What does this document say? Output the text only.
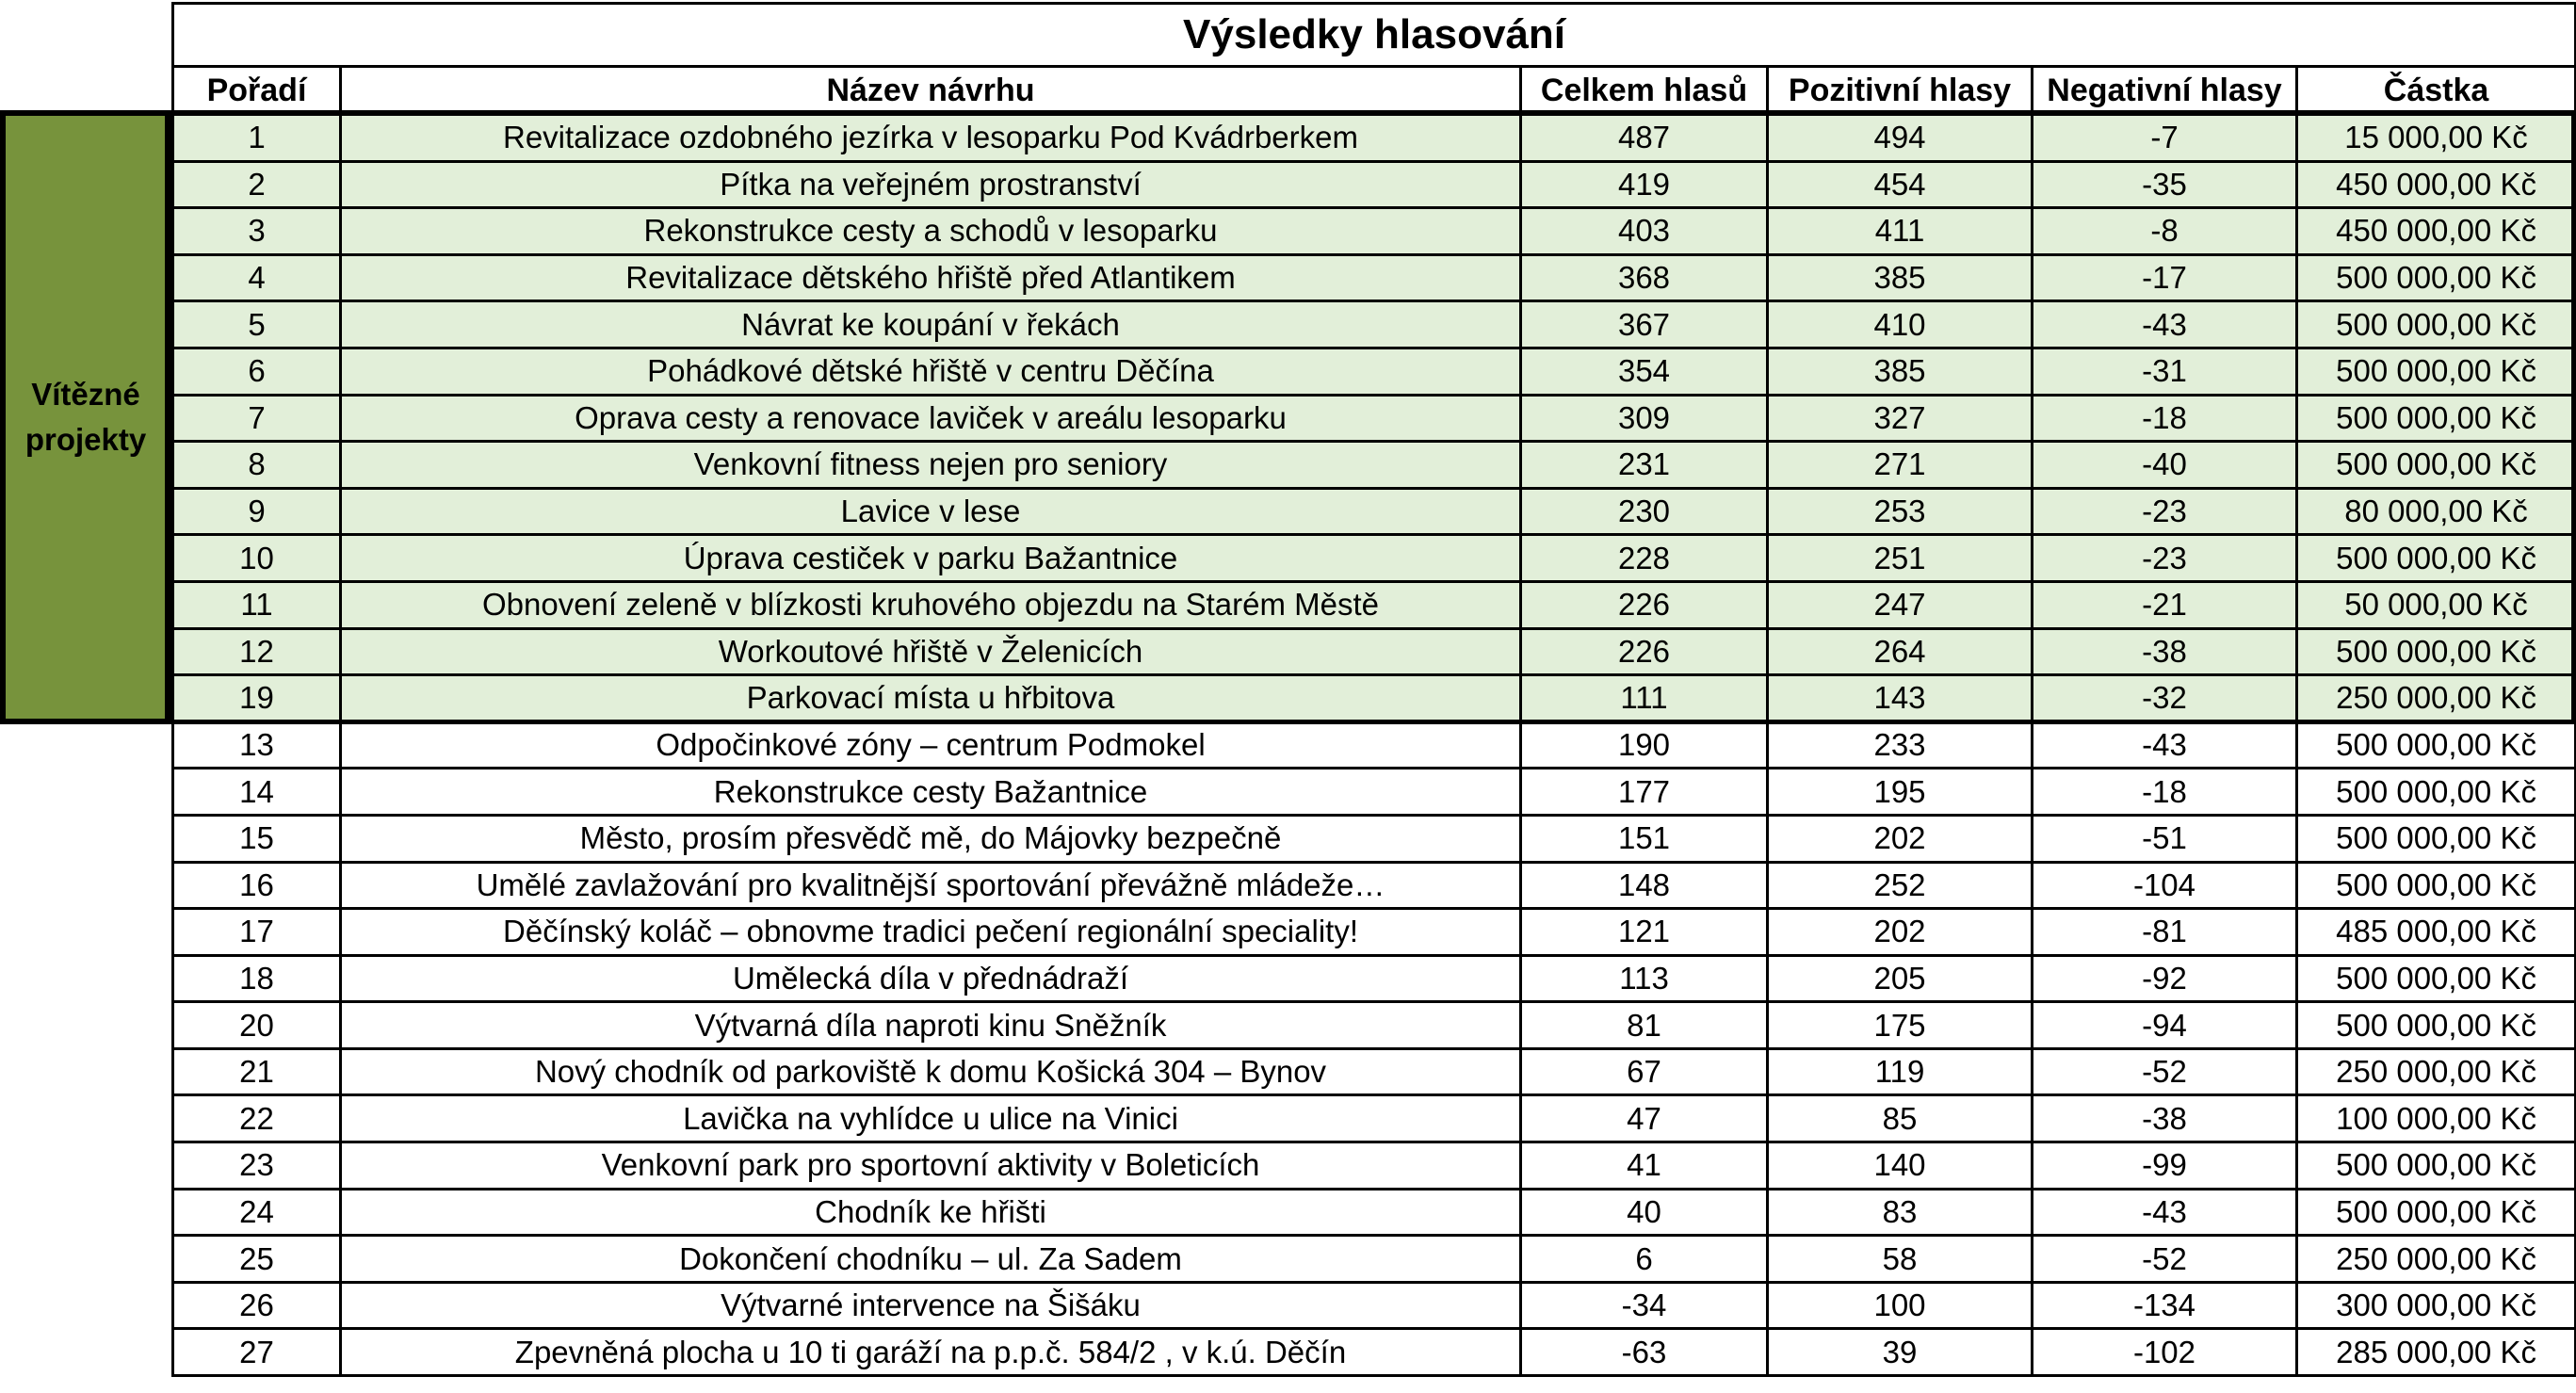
Vítězné
projekty
Výsledky hlasování					
Pořadí	Název návrhu	Celkem hlasů	Pozitivní hlasy	Negativní hlasy	Částka
1	Revitalizace ozdobného jezírka v lesoparku Pod Kvádrberkem	487	494	-7	15 000,00 Kč
2	Pítka na veřejném prostranství	419	454	-35	450 000,00 Kč
3	Rekonstrukce cesty a schodů v lesoparku	403	411	-8	450 000,00 Kč
4	Revitalizace dětského hřiště před Atlantikem	368	385	-17	500 000,00 Kč
5	Návrat ke koupání v řekách	367	410	-43	500 000,00 Kč
6	Pohádkové dětské hřiště v centru Děčína	354	385	-31	500 000,00 Kč
7	Oprava cesty a renovace laviček v areálu lesoparku	309	327	-18	500 000,00 Kč
8	Venkovní fitness nejen pro seniory	231	271	-40	500 000,00 Kč
9	Lavice v lese	230	253	-23	80 000,00 Kč
10	Úprava cestiček v parku Bažantnice	228	251	-23	500 000,00 Kč
11	Obnovení zeleně v blízkosti kruhového objezdu na Starém Městě	226	247	-21	50 000,00 Kč
12	Workoutové hřiště v Želenicích	226	264	-38	500 000,00 Kč
19	Parkovací místa u hřbitova	111	143	-32	250 000,00 Kč
13	Odpočinkové zóny – centrum Podmokel	190	233	-43	500 000,00 Kč
14	Rekonstrukce cesty Bažantnice	177	195	-18	500 000,00 Kč
15	Město, prosím přesvědč mě, do Májovky bezpečně	151	202	-51	500 000,00 Kč
16	Umělé zavlažování pro kvalitnější sportování převážně mládeže…	148	252	-104	500 000,00 Kč
17	Děčínský koláč – obnovme tradici pečení regionální speciality!	121	202	-81	485 000,00 Kč
18	Umělecká díla v přednádraží	113	205	-92	500 000,00 Kč
20	Výtvarná díla naproti kinu Sněžník	81	175	-94	500 000,00 Kč
21	Nový chodník od parkoviště k domu Košická 304 – Bynov	67	119	-52	250 000,00 Kč
22	Lavička na vyhlídce u ulice na Vinici	47	85	-38	100 000,00 Kč
23	Venkovní park pro sportovní aktivity v Boleticích	41	140	-99	500 000,00 Kč
24	Chodník ke hřišti	40	83	-43	500 000,00 Kč
25	Dokončení chodníku – ul. Za Sadem	6	58	-52	250 000,00 Kč
26	Výtvarné intervence na Šišáku	-34	100	-134	300 000,00 Kč
27	Zpevněná plocha u 10 ti garáží na p.p.č. 584/2 , v k.ú. Děčín	-63	39	-102	285 000,00 Kč
